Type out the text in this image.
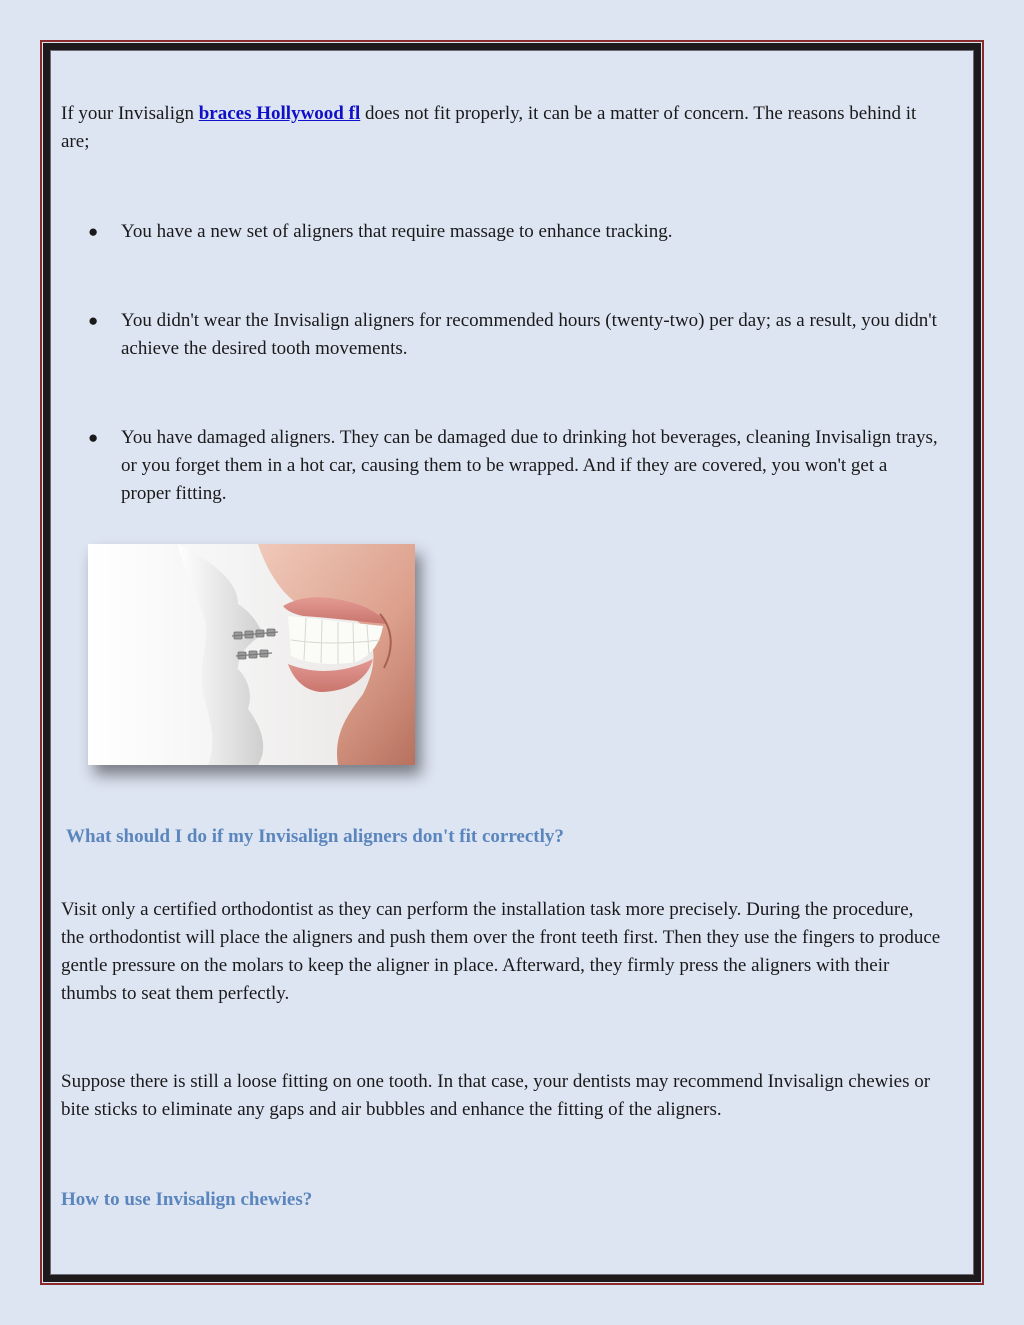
If your Invisalign braces Hollywood fl does not fit properly, it can be a matter of concern. The reasons behind it are;

● You have a new set of aligners that require massage to enhance tracking.
● You didn't wear the Invisalign aligners for recommended hours (twenty-two) per day; as a result, you didn't achieve the desired tooth movements.
● You have damaged aligners. They can be damaged due to drinking hot beverages, cleaning Invisalign trays, or you forget them in a hot car, causing them to be wrapped. And if they are covered, you won't get a proper fitting.
What should I do if my Invisalign aligners don't fit correctly?

Visit only a certified orthodontist as they can perform the installation task more precisely. During the procedure, the orthodontist will place the aligners and push them over the front teeth first. Then they use the fingers to produce gentle pressure on the molars to keep the aligner in place. Afterward, they firmly press the aligners with their thumbs to seat them perfectly.

Suppose there is still a loose fitting on one tooth. In that case, your dentists may recommend Invisalign chewies or bite sticks to eliminate any gaps and air bubbles and enhance the fitting of the aligners.

How to use Invisalign chewies?
